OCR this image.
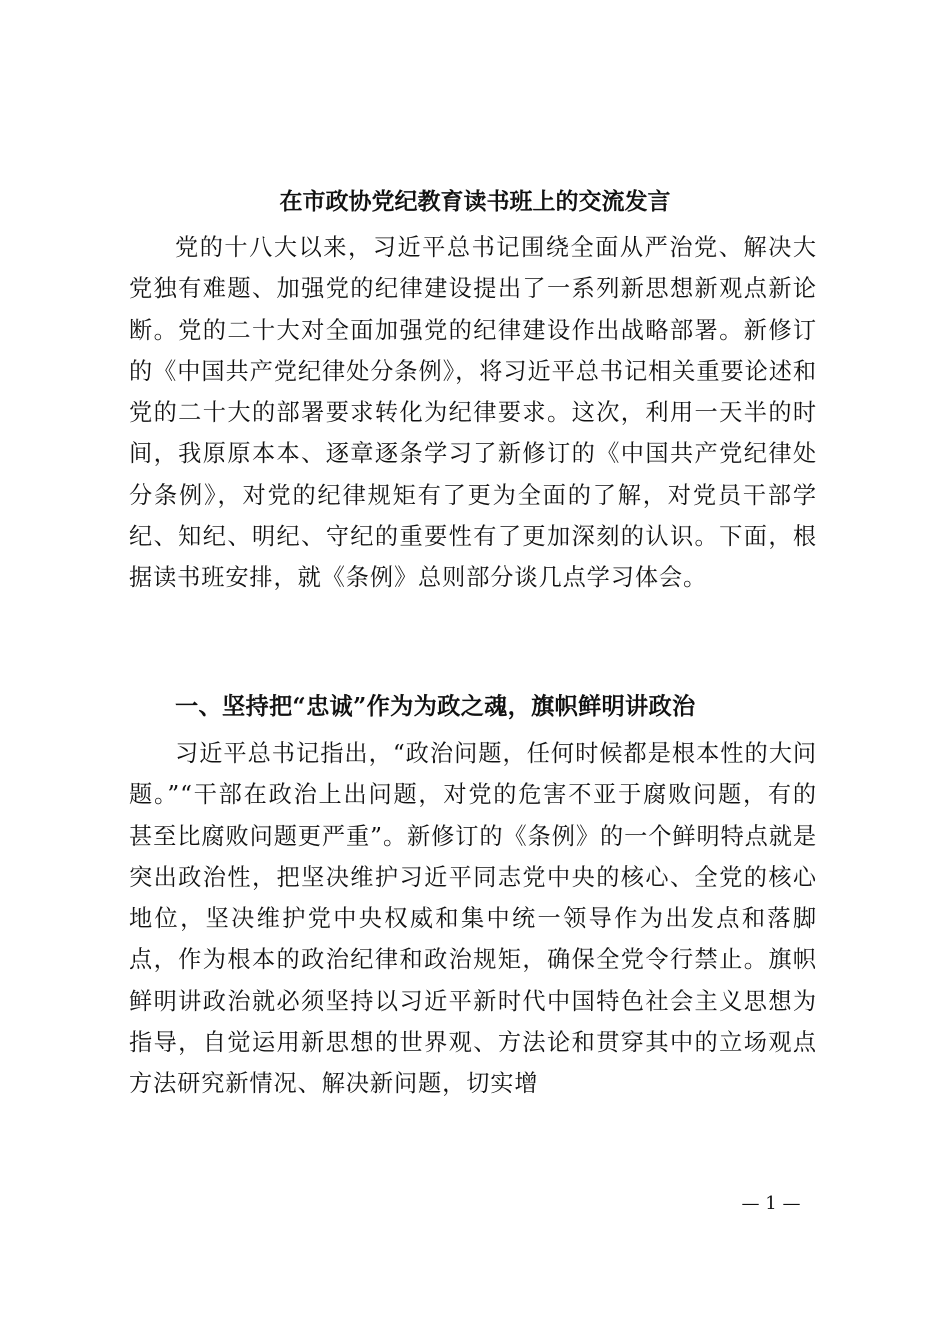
在市政协党纪教育读书班上的交流发言

党的十八大以来，习近平总书记围绕全面从严治党、解决大党独有难题、加强党的纪律建设提出了一系列新思想新观点新论断。党的二十大对全面加强党的纪律建设作出战略部署。新修订的《中国共产党纪律处分条例》，将习近平总书记相关重要论述和党的二十大的部署要求转化为纪律要求。这次，利用一天半的时间，我原原本本、逐章逐条学习了新修订的《中国共产党纪律处分条例》，对党的纪律规矩有了更为全面的了解，对党员干部学纪、知纪、明纪、守纪的重要性有了更加深刻的认识。下面，根据读书班安排，就《条例》总则部分谈几点学习体会。

一、坚持把“忠诚”作为为政之魂，旗帜鲜明讲政治

习近平总书记指出，“政治问题，任何时候都是根本性的大问题。”“干部在政治上出问题，对党的危害不亚于腐败问题，有的甚至比腐败问题更严重”。新修订的《条例》的一个鲜明特点就是突出政治性，把坚决维护习近平同志党中央的核心、全党的核心地位，坚决维护党中央权威和集中统一领导作为出发点和落脚点，作为根本的政治纪律和政治规矩，确保全党令行禁止。旗帜鲜明讲政治就必须坚持以习近平新时代中国特色社会主义思想为指导，自觉运用新思想的世界观、方法论和贯穿其中的立场观点方法研究新情况、解决新问题，切实增

— 1 —
